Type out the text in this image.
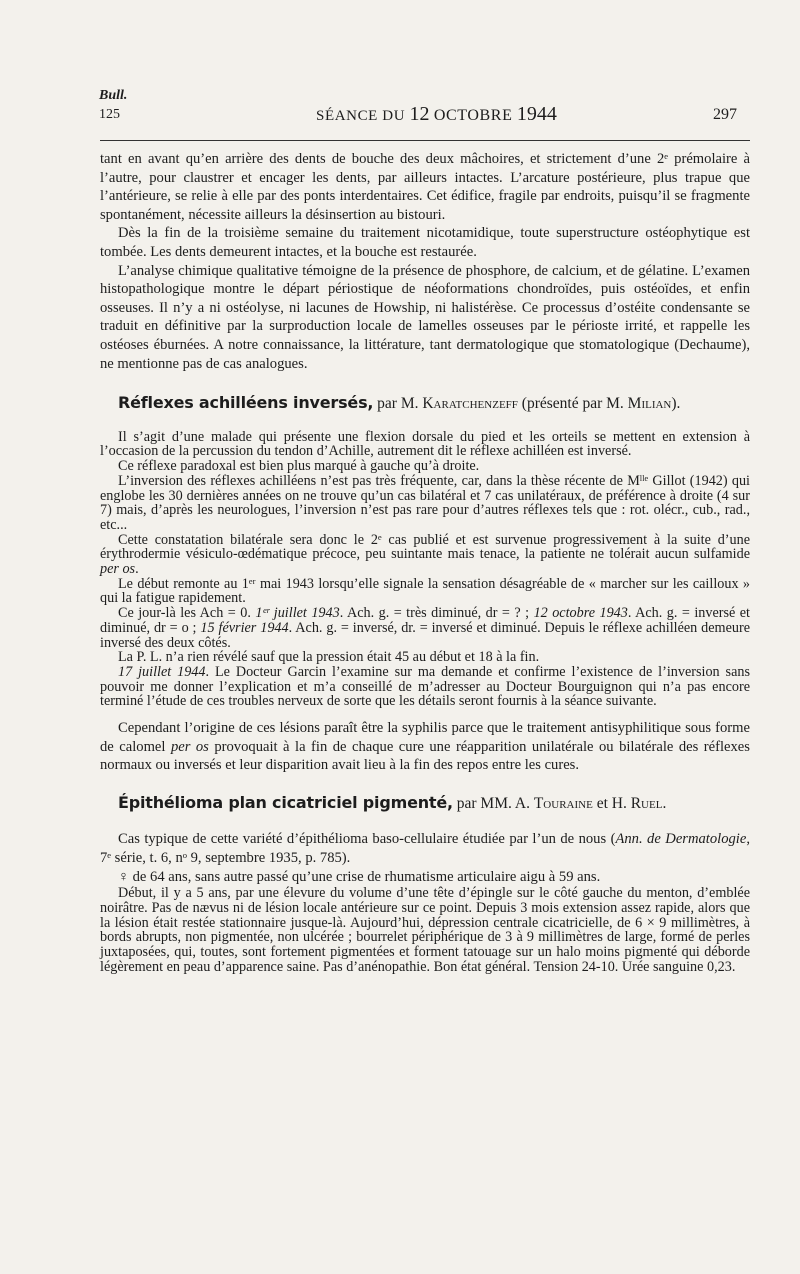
Bull.
125	SÉANCE DU 12 OCTOBRE 1944	297

tant en avant qu’en arrière des dents de bouche des deux mâchoires, et strictement d’une 2ᵉ prémolaire à l’autre, pour claustrer et encager les dents, par ailleurs intactes. L’arcature postérieure, plus trapue que l’antérieure, se relie à elle par des ponts interdentaires. Cet édifice, fragile par endroits, puisqu’il se fragmente spontanément, nécessite ailleurs la désinsertion au bistouri.

Dès la fin de la troisième semaine du traitement nicotamidique, toute superstructure ostéophytique est tombée. Les dents demeurent intactes, et la bouche est restaurée.

L’analyse chimique qualitative témoigne de la présence de phosphore, de calcium, et de gélatine. L’examen histopathologique montre le départ périostique de néoformations chondroïdes, puis ostéoïdes, et enfin osseuses. Il n’y a ni ostéolyse, ni lacunes de Howship, ni halistérèse. Ce processus d’ostéite condensante se traduit en définitive par la surproduction locale de lamelles osseuses par le périoste irrité, et rappelle les ostéoses éburnées. A notre connaissance, la littérature, tant dermatologique que stomatologique (Dechaume), ne mentionne pas de cas analogues.

Réflexes achilléens inversés, par M. Karatchenzeff (présenté par M. Milian).

Il s’agit d’une malade qui présente une flexion dorsale du pied et les orteils se mettent en extension à l’occasion de la percussion du tendon d’Achille, autrement dit le réflexe achilléen est inversé.

Ce réflexe paradoxal est bien plus marqué à gauche qu’à droite.

L’inversion des réflexes achilléens n’est pas très fréquente, car, dans la thèse récente de Mˡˡᵉ Gillot (1942) qui englobe les 30 dernières années on ne trouve qu’un cas bilatéral et 7 cas unilatéraux, de préférence à droite (4 sur 7) mais, d’après les neurologues, l’inversion n’est pas rare pour d’autres réflexes tels que : rot. olécr., cub., rad., etc...

Cette constatation bilatérale sera donc le 2ᵉ cas publié et est survenue progressivement à la suite d’une érythrodermie vésiculo-œdématique précoce, peu suintante mais tenace, la patiente ne tolérait aucun sulfamide per os.

Le début remonte au 1ᵉʳ mai 1943 lorsqu’elle signale la sensation désagréable de « marcher sur les cailloux » qui la fatigue rapidement.

Ce jour-là les Ach = 0. 1ᵉʳ juillet 1943. Ach. g. = très diminué, dr = ? ; 12 octobre 1943. Ach. g. = inversé et diminué, dr = o ; 15 février 1944. Ach. g. = inversé, dr. = inversé et diminué. Depuis le réflexe achilléen demeure inversé des deux côtés.

La P. L. n’a rien révélé sauf que la pression était 45 au début et 18 à la fin.

17 juillet 1944. Le Docteur Garcin l’examine sur ma demande et confirme l’existence de l’inversion sans pouvoir me donner l’explication et m’a conseillé de m’adresser au Docteur Bourguignon qui n’a pas encore terminé l’étude de ces troubles nerveux de sorte que les détails seront fournis à la séance suivante.

Cependant l’origine de ces lésions paraît être la syphilis parce que le traitement antisyphilitique sous forme de calomel per os provoquait à la fin de chaque cure une réapparition unilatérale ou bilatérale des réflexes normaux ou inversés et leur disparition avait lieu à la fin des repos entre les cures.

Épithélioma plan cicatriciel pigmenté, par MM. A. Touraine et H. Ruel.

Cas typique de cette variété d’épithélioma baso-cellulaire étudiée par l’un de nous (Ann. de Dermatologie, 7ᵉ série, t. 6, nᵒ 9, septembre 1935, p. 785).

♀ de 64 ans, sans autre passé qu’une crise de rhumatisme articulaire aigu à 59 ans.

Début, il y a 5 ans, par une élevure du volume d’une tête d’épingle sur le côté gauche du menton, d’emblée noirâtre. Pas de nævus ni de lésion locale antérieure sur ce point. Depuis 3 mois extension assez rapide, alors que la lésion était restée stationnaire jusque-là. Aujourd’hui, dépression centrale cicatricielle, de 6 × 9 millimètres, à bords abrupts, non pigmentée, non ulcérée ; bourrelet périphérique de 3 à 9 millimètres de large, formé de perles juxtaposées, qui, toutes, sont fortement pigmentées et forment tatouage sur un halo moins pigmenté qui déborde légèrement en peau d’apparence saine. Pas d’anénopathie. Bon état général. Tension 24-10. Urée sanguine 0,23.
